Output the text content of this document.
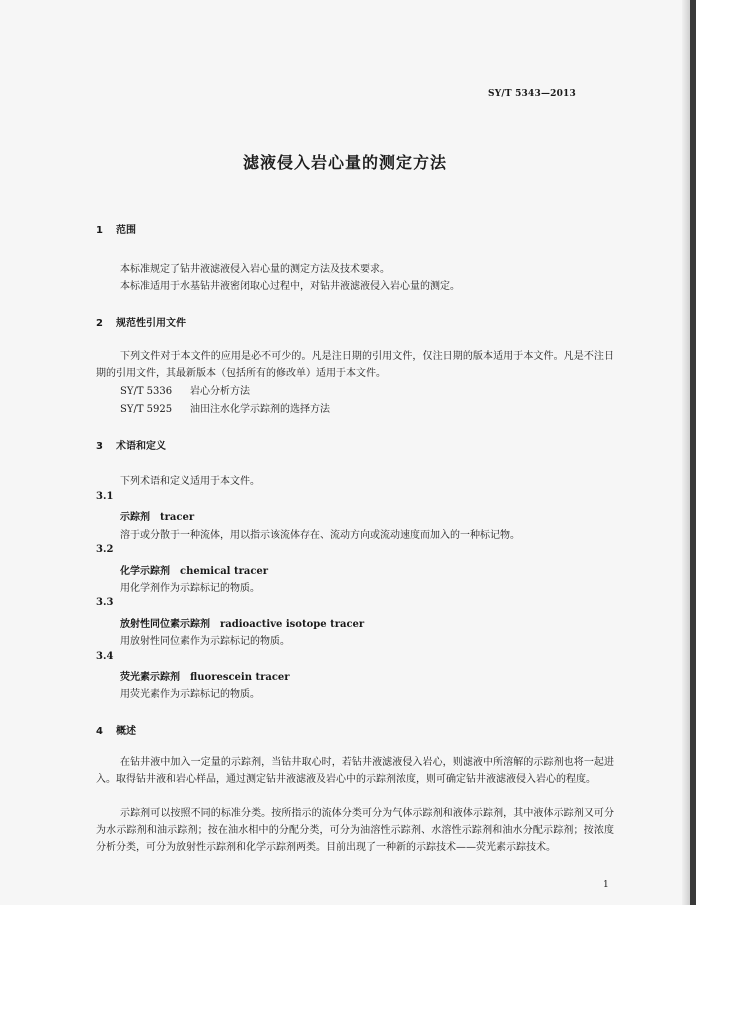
SY/T 5343—2013
滤液侵入岩心量的测定方法
1 范围
本标准规定了钻井液滤液侵入岩心量的测定方法及技术要求。
本标准适用于水基钻井液密闭取心过程中，对钻井液滤液侵入岩心量的测定。
2 规范性引用文件

下列文件对于本文件的应用是必不可少的。凡是注日期的引用文件，仅注日期的版本适用于本文件。凡是不注日期的引用文件，其最新版本（包括所有的修改单）适用于本文件。

SY/T 5336 岩心分析方法
SY/T 5925 油田注水化学示踪剂的选择方法
3 术语和定义
下列术语和定义适用于本文件。
3.1
示踪剂 tracer
溶于或分散于一种流体，用以指示该流体存在、流动方向或流动速度而加入的一种标记物。
3.2
化学示踪剂 chemical tracer
用化学剂作为示踪标记的物质。
3.3
放射性同位素示踪剂 radioactive isotope tracer
用放射性同位素作为示踪标记的物质。
3.4
荧光素示踪剂 fluorescein tracer
用荧光素作为示踪标记的物质。
4 概述

在钻井液中加入一定量的示踪剂，当钻井取心时，若钻井液滤液侵入岩心，则滤液中所溶解的示踪剂也将一起进入。取得钻井液和岩心样品，通过测定钻井液滤液及岩心中的示踪剂浓度，则可确定钻井液滤液侵入岩心的程度。

示踪剂可以按照不同的标准分类。按所指示的流体分类可分为气体示踪剂和液体示踪剂，其中液体示踪剂又可分为水示踪剂和油示踪剂；按在油水相中的分配分类，可分为油溶性示踪剂、水溶性示踪剂和油水分配示踪剂；按浓度分析分类，可分为放射性示踪剂和化学示踪剂两类。目前出现了一种新的示踪技术——荧光素示踪技术。

1
